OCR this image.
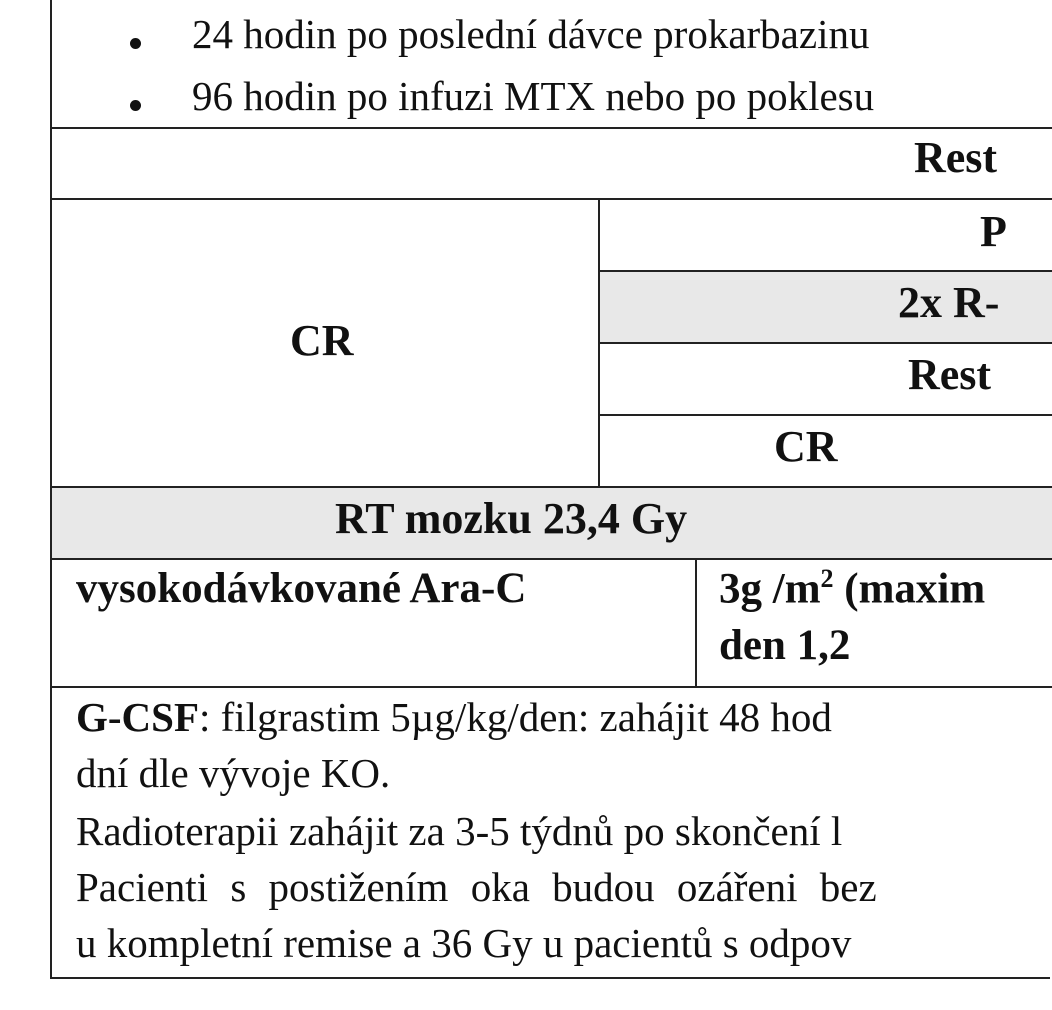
24 hodin po poslední dávce prokarbazinu
96 hodin po infuzi MTX nebo po poklesu
Rest
CR
P
2x R-
Rest
CR
RT mozku 23,4 Gy
vysokodávkované Ara-C	3g $/m^2$ (maxim
den 1,2
G-CSF: filgrastim 5µg/kg/den: zahájit 48 hod
dní dle vývoje KO.
Radioterapii zahájit za 3-5 týdnů po skončení l
Pacienti s postižením oka budou ozářeni bez
u kompletní remise a 36 Gy u pacientů s odpov
